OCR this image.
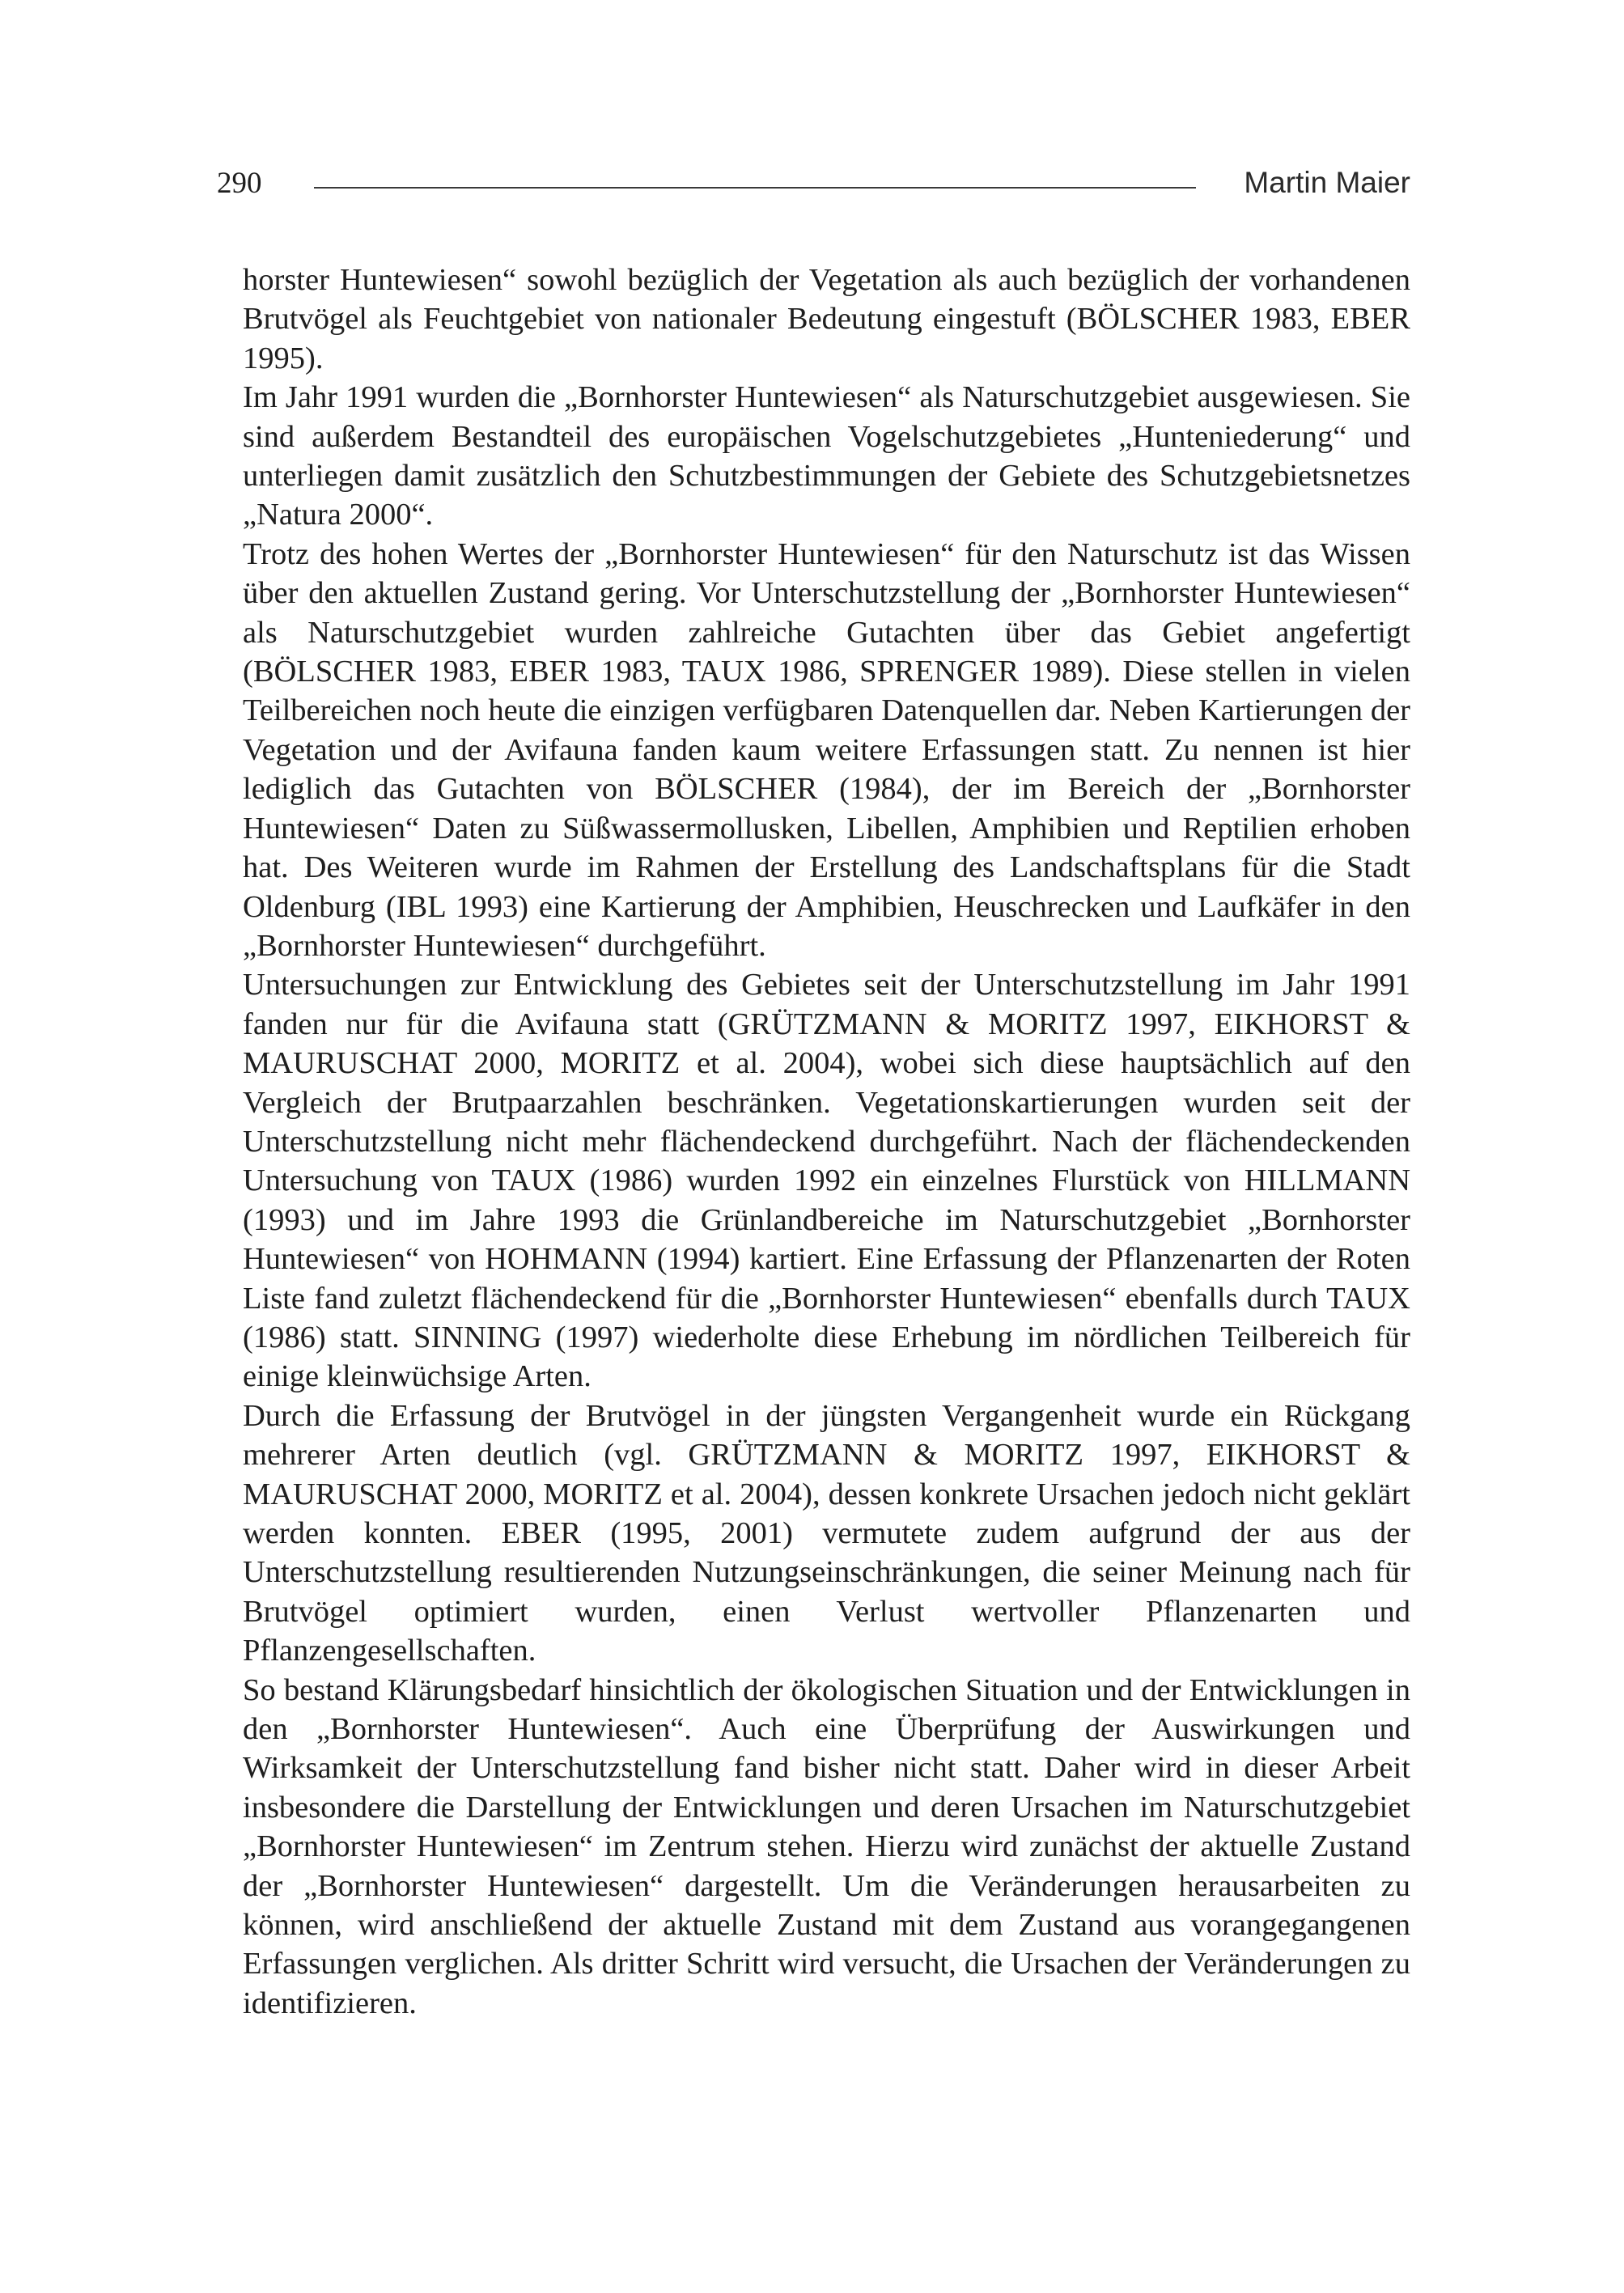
290	Martin Maier

horster Huntewiesen“ sowohl bezüglich der Vegetation als auch bezüglich der vorhandenen Brutvögel als Feuchtgebiet von nationaler Bedeutung eingestuft (BÖLSCHER 1983, EBER 1995).

Im Jahr 1991 wurden die „Bornhorster Huntewiesen“ als Naturschutzgebiet ausgewiesen. Sie sind außerdem Bestandteil des europäischen Vogelschutzgebietes „Hunteniederung“ und unterliegen damit zusätzlich den Schutzbestimmungen der Gebiete des Schutzgebietsnetzes „Natura 2000“.

Trotz des hohen Wertes der „Bornhorster Huntewiesen“ für den Naturschutz ist das Wissen über den aktuellen Zustand gering. Vor Unterschutzstellung der „Bornhorster Huntewiesen“ als Naturschutzgebiet wurden zahlreiche Gutachten über das Gebiet angefertigt (BÖLSCHER 1983, EBER 1983, TAUX 1986, SPRENGER 1989). Diese stellen in vielen Teilbereichen noch heute die einzigen verfügbaren Datenquellen dar. Neben Kartierungen der Vegetation und der Avifauna fanden kaum weitere Erfassungen statt. Zu nennen ist hier lediglich das Gutachten von BÖLSCHER (1984), der im Bereich der „Bornhorster Huntewiesen“ Daten zu Süßwassermollusken, Libellen, Amphibien und Reptilien erhoben hat. Des Weiteren wurde im Rahmen der Erstellung des Landschaftsplans für die Stadt Oldenburg (IBL 1993) eine Kartierung der Amphibien, Heuschrecken und Laufkäfer in den „Bornhorster Huntewiesen“ durchgeführt.

Untersuchungen zur Entwicklung des Gebietes seit der Unterschutzstellung im Jahr 1991 fanden nur für die Avifauna statt (GRÜTZMANN & MORITZ 1997, EIKHORST & MAURUSCHAT 2000, MORITZ et al. 2004), wobei sich diese hauptsächlich auf den Vergleich der Brutpaarzahlen beschränken. Vegetationskartierungen wurden seit der Unterschutzstellung nicht mehr flächendeckend durchgeführt. Nach der flächendeckenden Untersuchung von TAUX (1986) wurden 1992 ein einzelnes Flurstück von HILLMANN (1993) und im Jahre 1993 die Grünlandbereiche im Naturschutzgebiet „Bornhorster Huntewiesen“ von HOHMANN (1994) kartiert. Eine Erfassung der Pflanzenarten der Roten Liste fand zuletzt flächendeckend für die „Bornhorster Huntewiesen“ ebenfalls durch TAUX (1986) statt. SINNING (1997) wiederholte diese Erhebung im nördlichen Teilbereich für einige kleinwüchsige Arten.

Durch die Erfassung der Brutvögel in der jüngsten Vergangenheit wurde ein Rückgang mehrerer Arten deutlich (vgl. GRÜTZMANN & MORITZ 1997, EIKHORST & MAURUSCHAT 2000, MORITZ et al. 2004), dessen konkrete Ursachen jedoch nicht geklärt werden konnten. EBER (1995, 2001) vermutete zudem aufgrund der aus der Unterschutzstellung resultierenden Nutzungseinschränkungen, die seiner Meinung nach für Brutvögel optimiert wurden, einen Verlust wertvoller Pflanzenarten und Pflanzengesellschaften.

So bestand Klärungsbedarf hinsichtlich der ökologischen Situation und der Entwicklungen in den „Bornhorster Huntewiesen“. Auch eine Überprüfung der Auswirkungen und Wirksamkeit der Unterschutzstellung fand bisher nicht statt. Daher wird in dieser Arbeit insbesondere die Darstellung der Entwicklungen und deren Ursachen im Naturschutzgebiet „Bornhorster Huntewiesen“ im Zentrum stehen. Hierzu wird zunächst der aktuelle Zustand der „Bornhorster Huntewiesen“ dargestellt. Um die Veränderungen herausarbeiten zu können, wird anschließend der aktuelle Zustand mit dem Zustand aus vorangegangenen Erfassungen verglichen. Als dritter Schritt wird versucht, die Ursachen der Veränderungen zu identifizieren.
